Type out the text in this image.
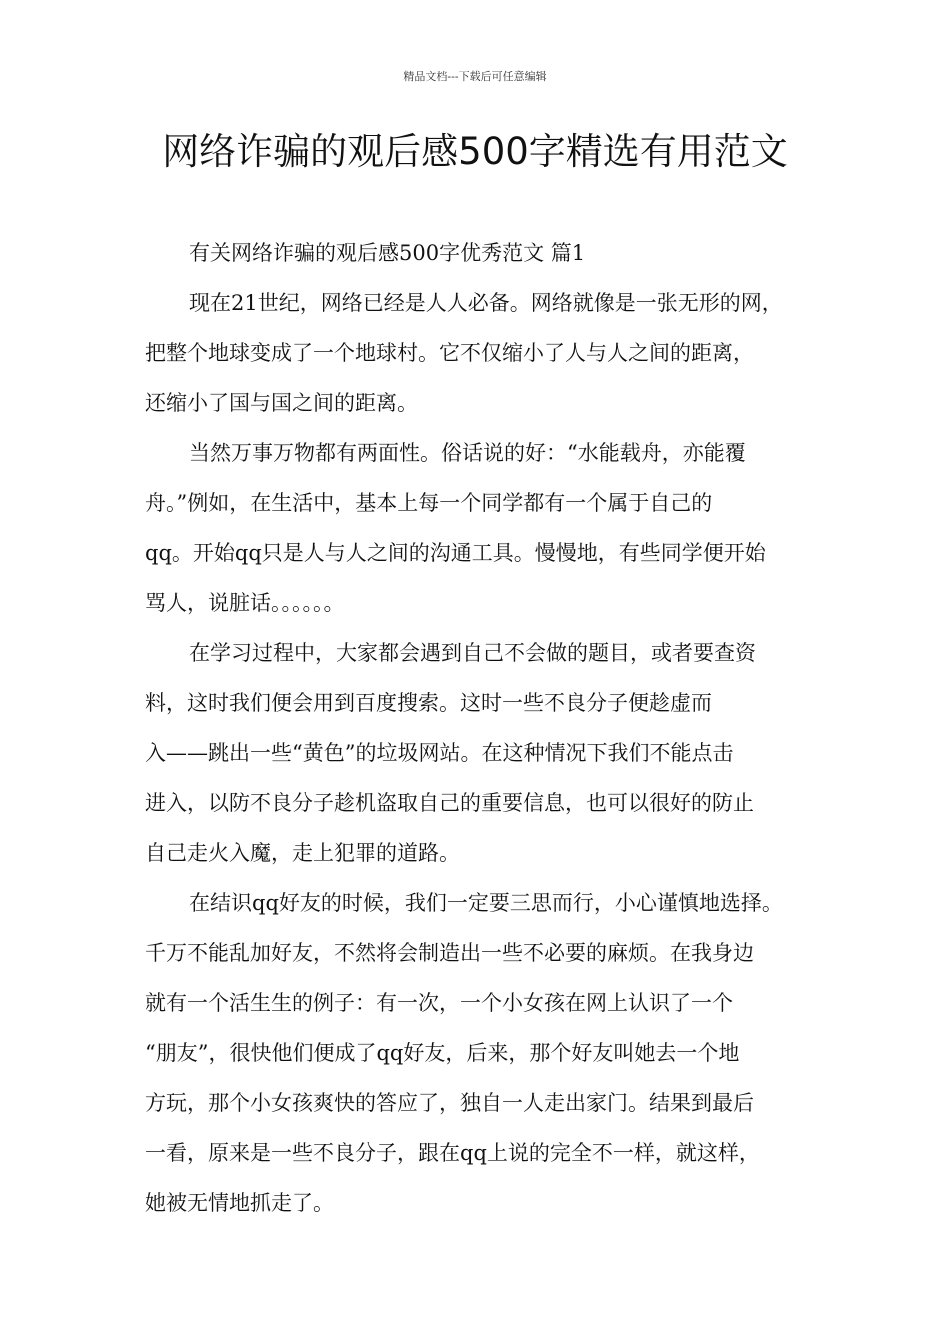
精品文档---下载后可任意编辑
网络诈骗的观后感500字精选有用范文
有关网络诈骗的观后感500字优秀范文 篇1

现在21世纪，网络已经是人人必备。网络就像是一张无形的网，
把整个地球变成了一个地球村。它不仅缩小了人与人之间的距离，
还缩小了国与国之间的距离。

当然万事万物都有两面性。俗话说的好：“水能载舟，亦能覆
舟。”例如，在生活中，基本上每一个同学都有一个属于自己的
qq。开始qq只是人与人之间的沟通工具。慢慢地，有些同学便开始
骂人，说脏话。。。。。。

在学习过程中，大家都会遇到自己不会做的题目，或者要查资
料，这时我们便会用到百度搜索。这时一些不良分子便趁虚而
入——跳出一些“黄色”的垃圾网站。在这种情况下我们不能点击
进入，以防不良分子趁机盗取自己的重要信息，也可以很好的防止
自己走火入魔，走上犯罪的道路。

在结识qq好友的时候，我们一定要三思而行，小心谨慎地选择。
千万不能乱加好友，不然将会制造出一些不必要的麻烦。在我身边
就有一个活生生的例子：有一次，一个小女孩在网上认识了一个
“朋友”，很快他们便成了qq好友，后来，那个好友叫她去一个地
方玩，那个小女孩爽快的答应了，独自一人走出家门。结果到最后
一看，原来是一些不良分子，跟在qq上说的完全不一样，就这样，
她被无情地抓走了。
